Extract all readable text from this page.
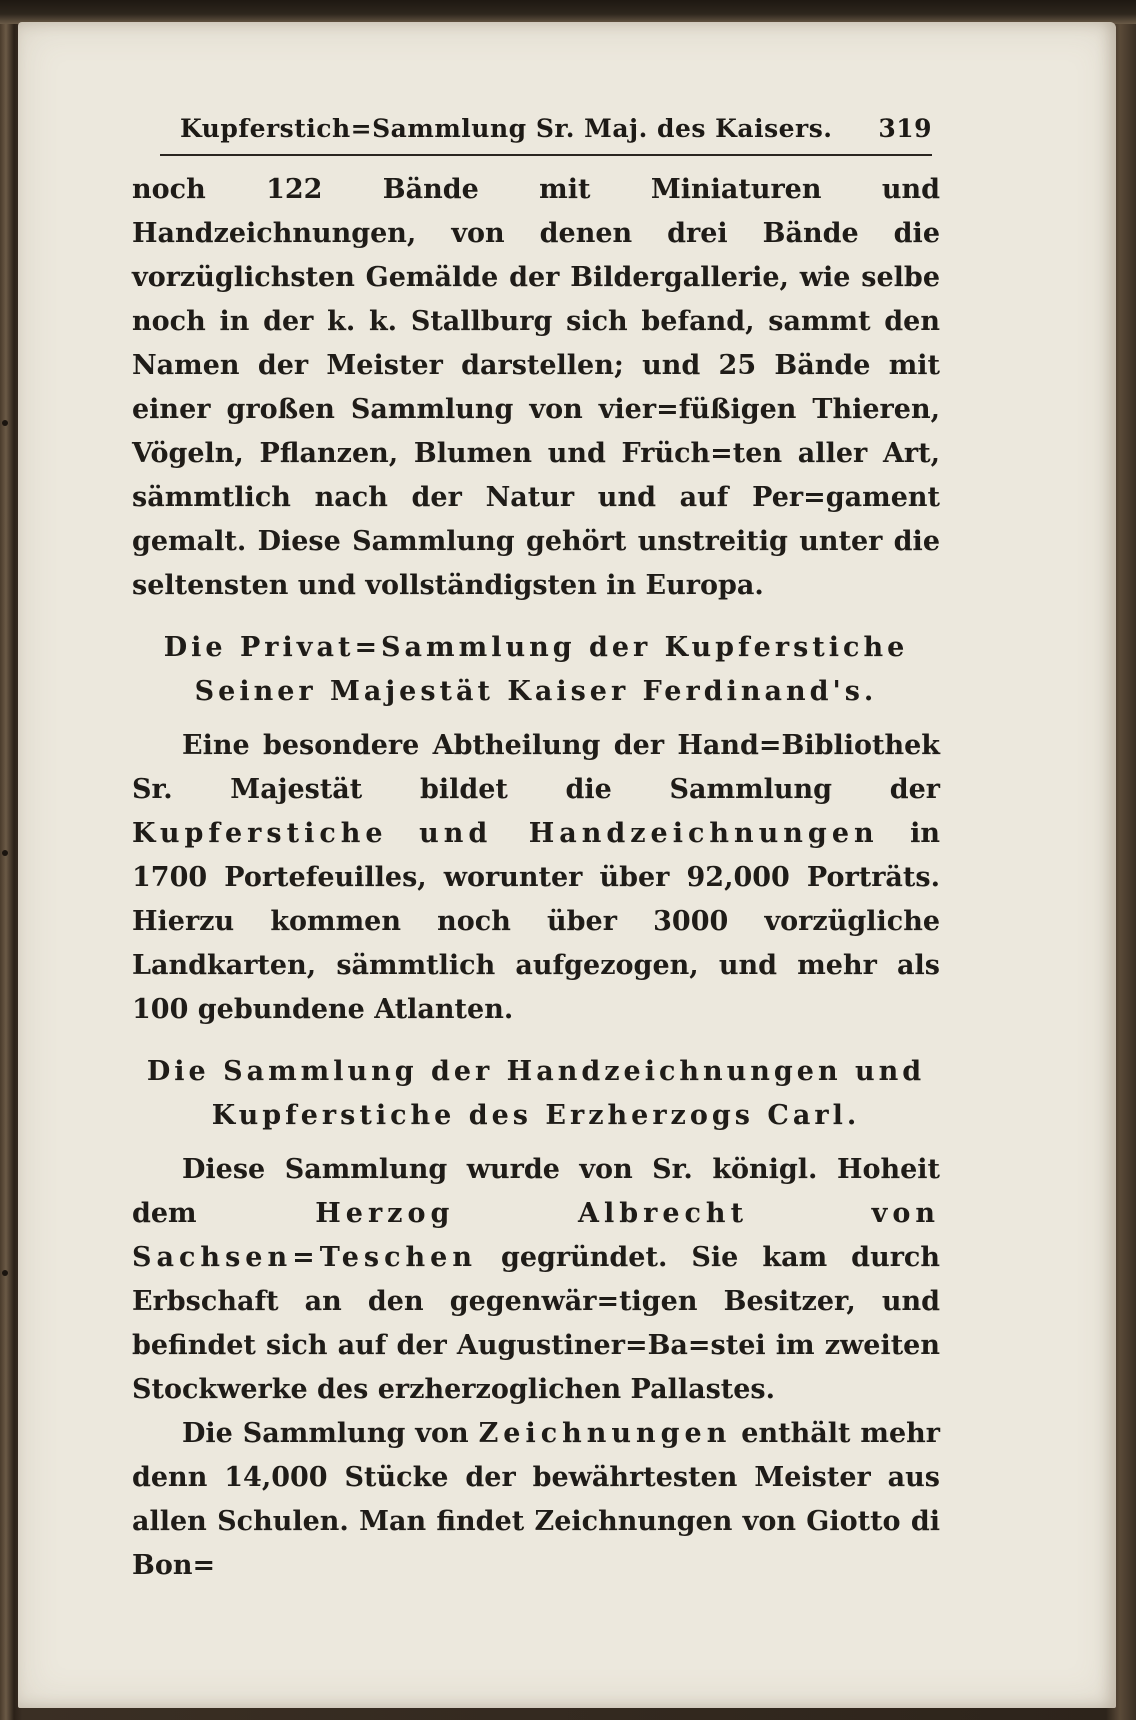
Kupferstich=Sammlung Sr. Maj. des Kaisers. 319

noch 122 Bände mit Miniaturen und Handzeichnungen, von denen drei Bände die vorzüglichsten Gemälde der Bildergallerie, wie selbe noch in der k. k. Stallburg sich befand, sammt den Namen der Meister darstellen; und 25 Bände mit einer großen Sammlung von vier=füßigen Thieren, Vögeln, Pflanzen, Blumen und Früch=ten aller Art, sämmtlich nach der Natur und auf Per=gament gemalt. Diese Sammlung gehört unstreitig unter die seltensten und vollständigsten in Europa.

Die Privat=Sammlung der Kupferstiche

Seiner Majestät Kaiser Ferdinand's.

Eine besondere Abtheilung der Hand=Bibliothek Sr. Majestät bildet die Sammlung der Kupferstiche und Handzeichnungen in 1700 Portefeuilles, worunter über 92,000 Porträts. Hierzu kommen noch über 3000 vorzügliche Landkarten, sämmtlich aufgezogen, und mehr als 100 gebundene Atlanten.

Die Sammlung der Handzeichnungen und

Kupferstiche des Erzherzogs Carl.

Diese Sammlung wurde von Sr. königl. Hoheit dem Herzog Albrecht von Sachsen=Teschen gegründet. Sie kam durch Erbschaft an den gegenwär=tigen Besitzer, und befindet sich auf der Augustiner=Ba=stei im zweiten Stockwerke des erzherzoglichen Pallastes.

Die Sammlung von Zeichnungen enthält mehr denn 14,000 Stücke der bewährtesten Meister aus allen Schulen. Man findet Zeichnungen von Giotto di Bon=
